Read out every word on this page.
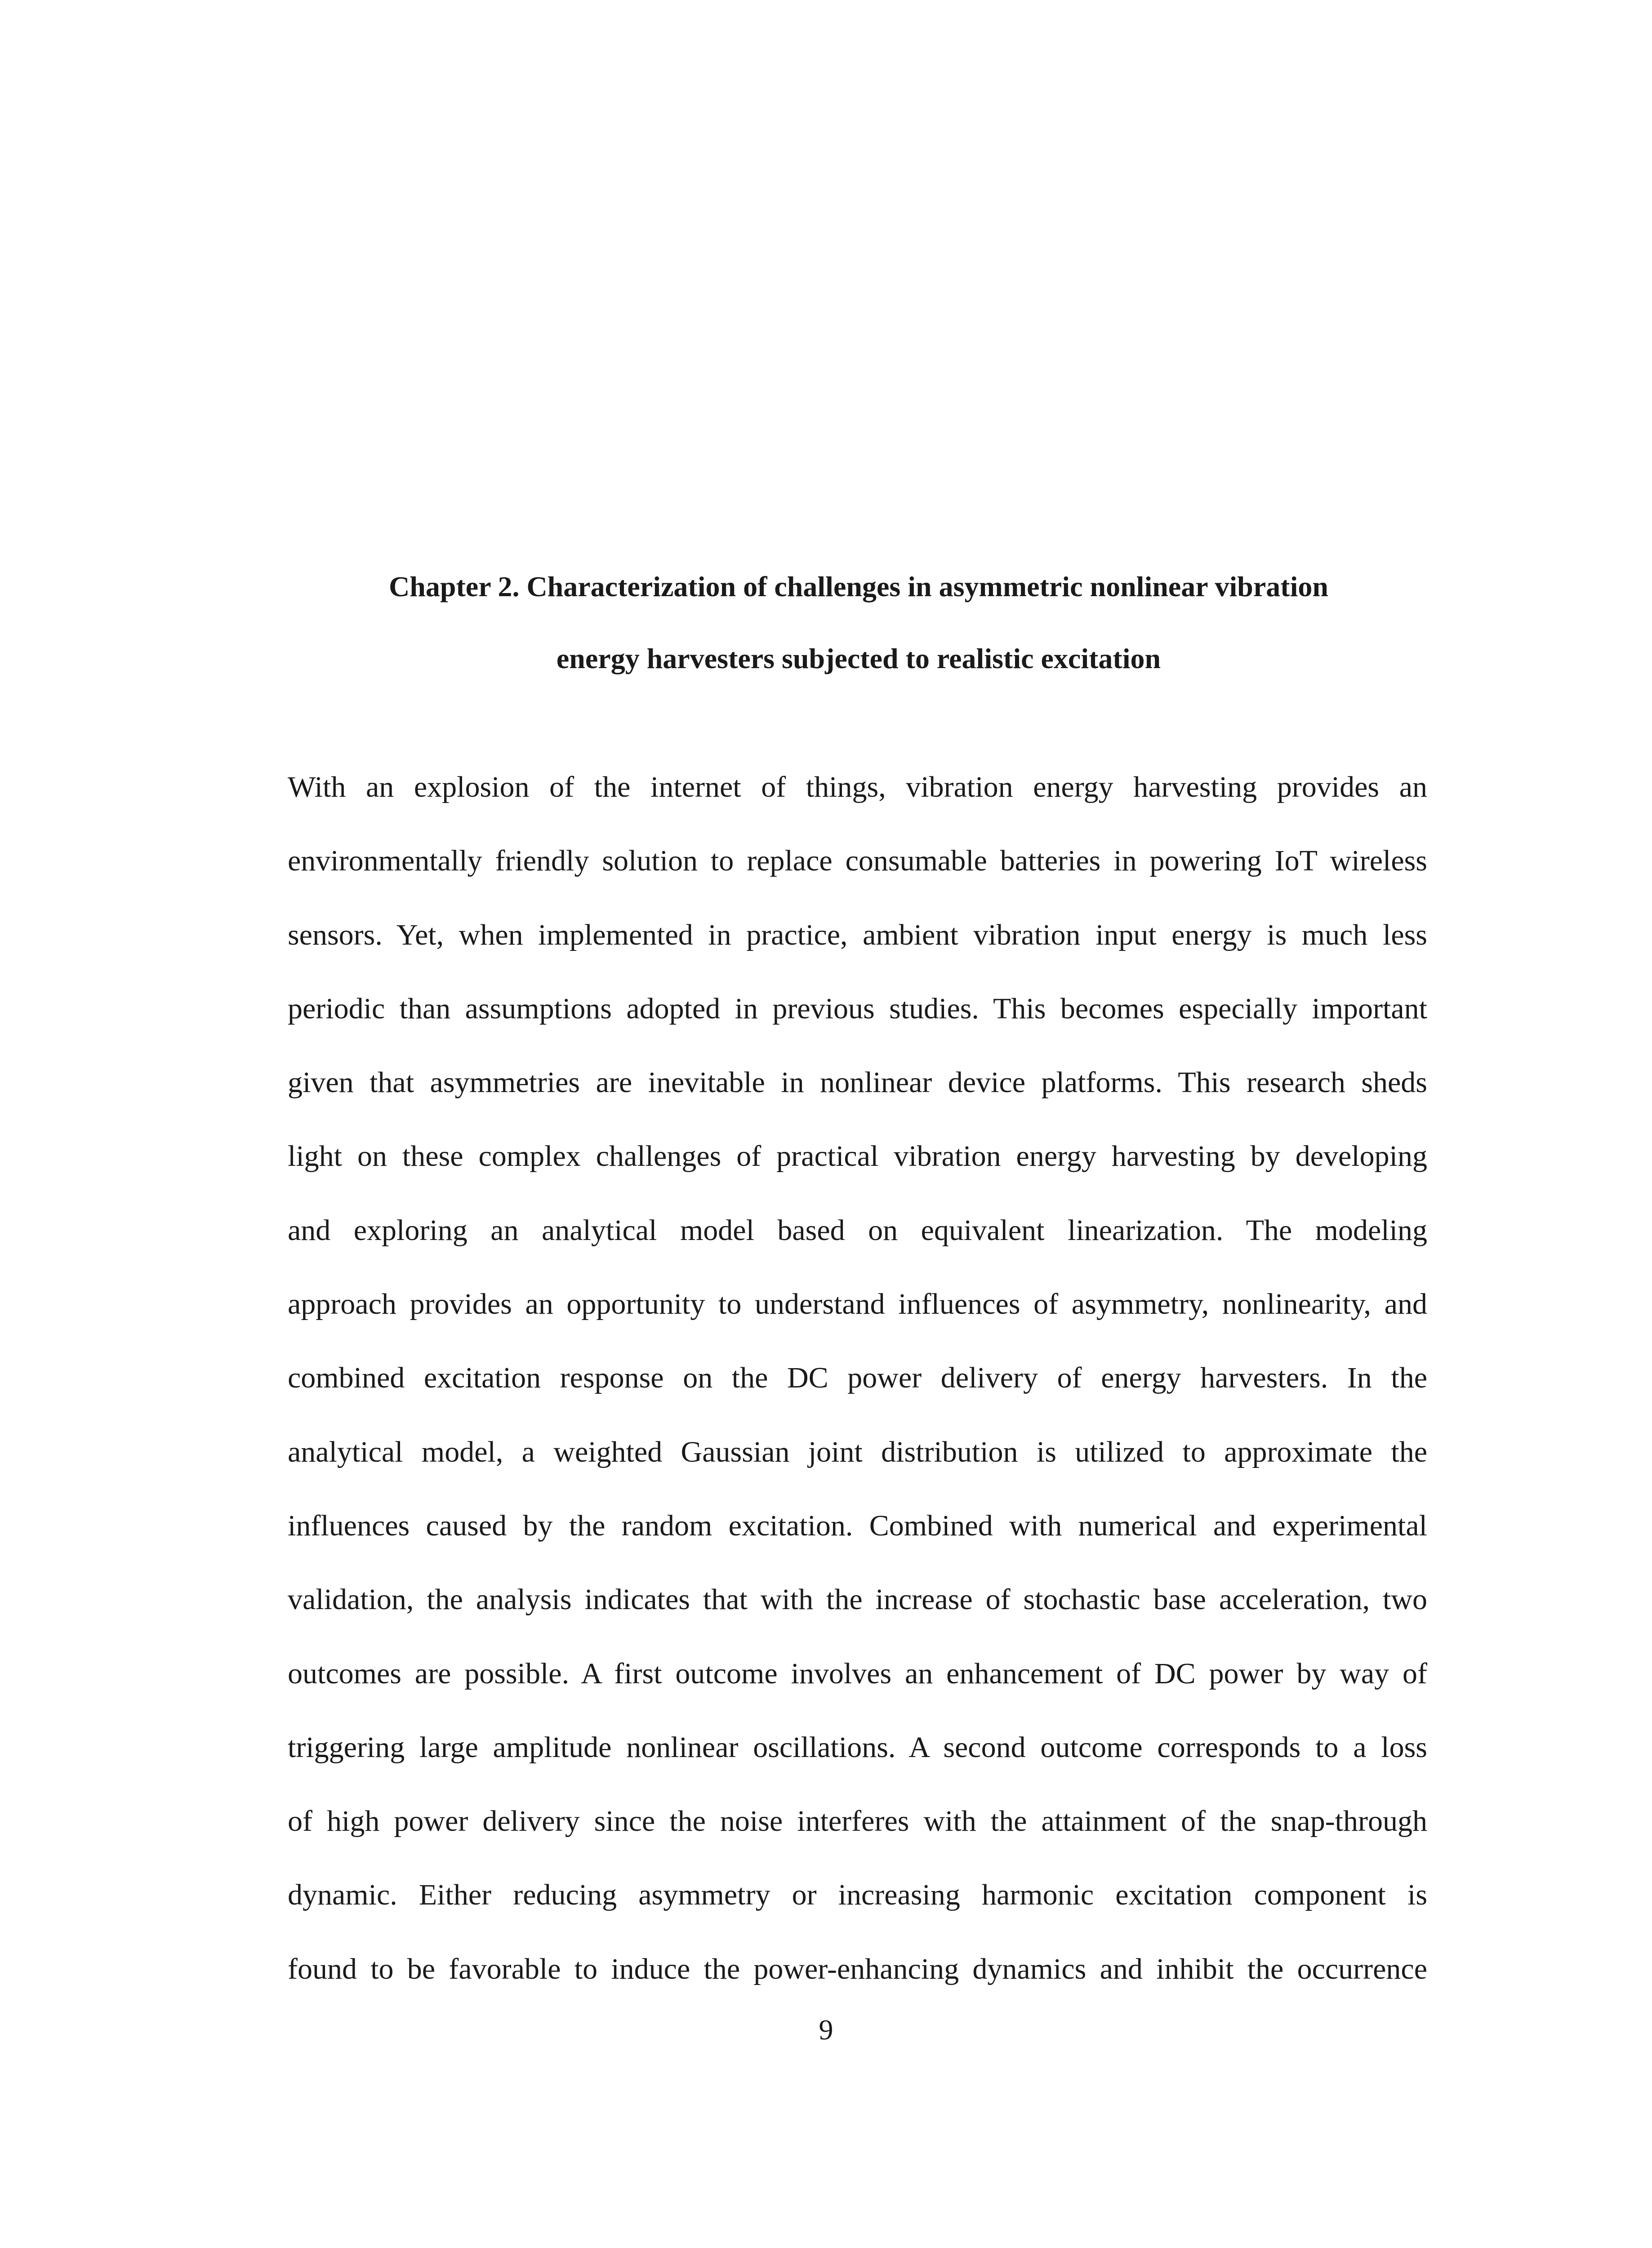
Chapter 2. Characterization of challenges in asymmetric nonlinear vibration
energy harvesters subjected to realistic excitation
With an explosion of the internet of things, vibration energy harvesting provides an
environmentally friendly solution to replace consumable batteries in powering IoT wireless
sensors. Yet, when implemented in practice, ambient vibration input energy is much less
periodic than assumptions adopted in previous studies. This becomes especially important
given that asymmetries are inevitable in nonlinear device platforms. This research sheds
light on these complex challenges of practical vibration energy harvesting by developing
and exploring an analytical model based on equivalent linearization. The modeling
approach provides an opportunity to understand influences of asymmetry, nonlinearity, and
combined excitation response on the DC power delivery of energy harvesters. In the
analytical model, a weighted Gaussian joint distribution is utilized to approximate the
influences caused by the random excitation. Combined with numerical and experimental
validation, the analysis indicates that with the increase of stochastic base acceleration, two
outcomes are possible. A first outcome involves an enhancement of DC power by way of
triggering large amplitude nonlinear oscillations. A second outcome corresponds to a loss
of high power delivery since the noise interferes with the attainment of the snap-through
dynamic. Either reducing asymmetry or increasing harmonic excitation component is
found to be favorable to induce the power-enhancing dynamics and inhibit the occurrence
9
